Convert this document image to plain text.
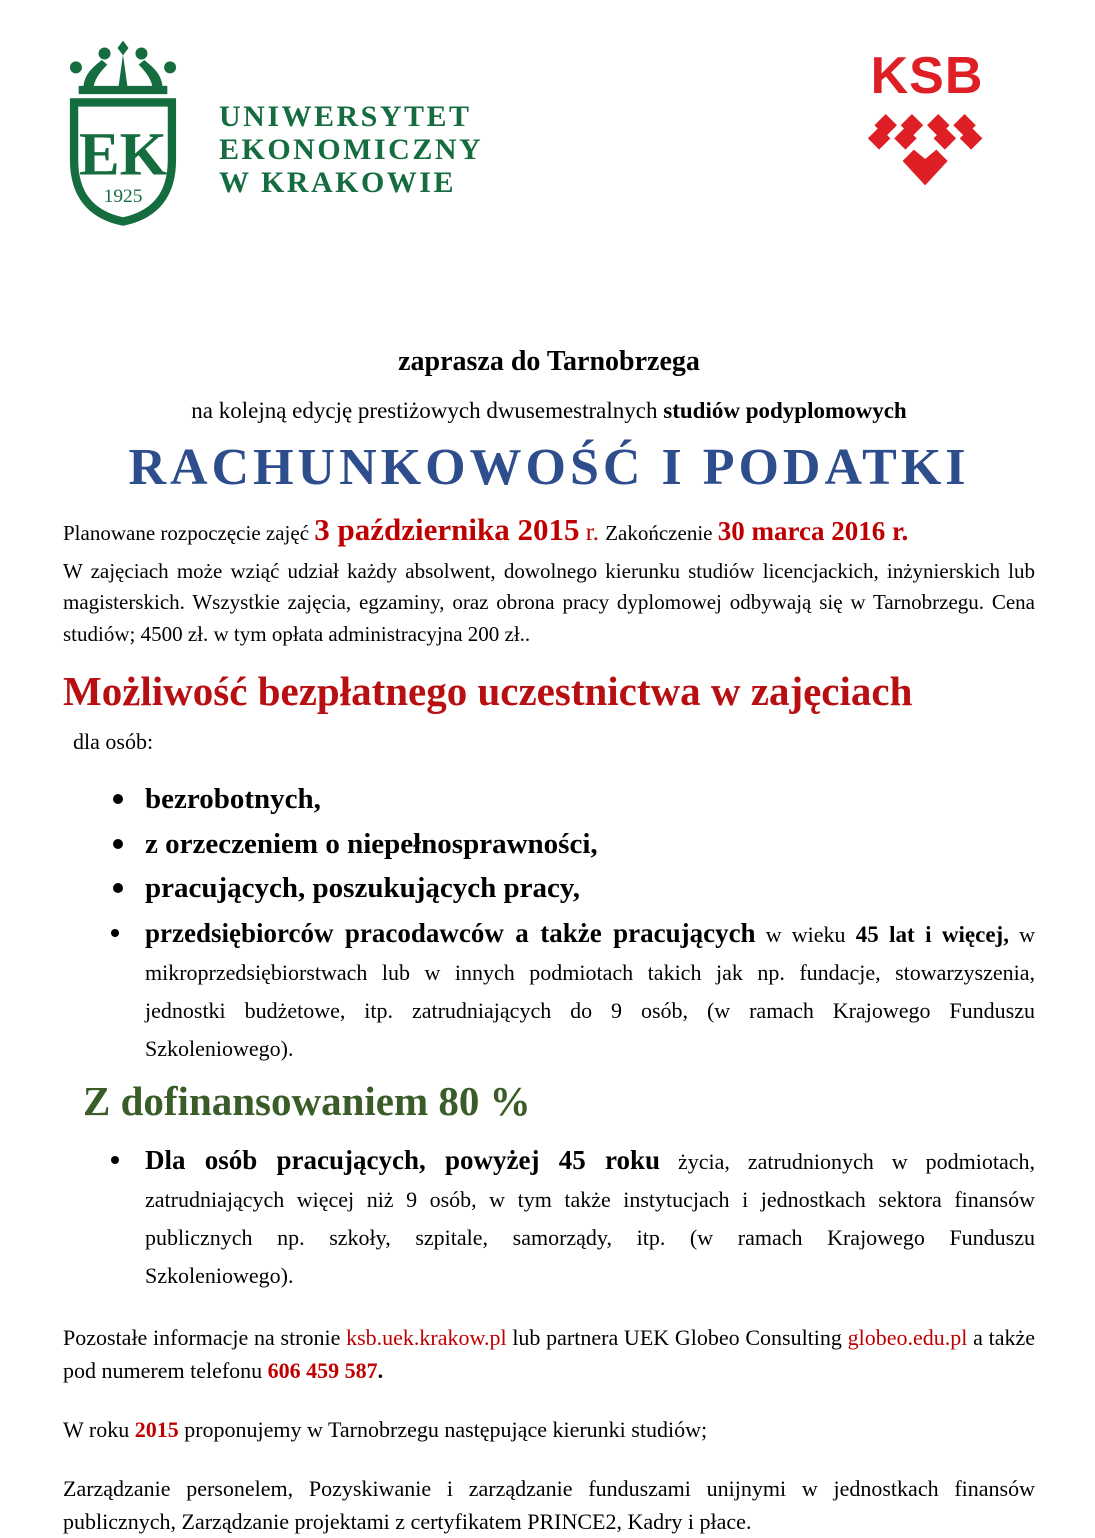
EK
1925
UNIWERSYTET
EKONOMICZNY
W KRAKOWIE
KSB
zaprasza do Tarnobrzega
na kolejną edycję prestiżowych dwusemestralnych studiów podyplomowych
RACHUNKOWOŚĆ I PODATKI

Planowane rozpoczęcie zajęć 3 października 2015 r. Zakończenie 30 marca 2016 r.

W zajęciach może wziąć udział każdy absolwent, dowolnego kierunku studiów licencjackich, inżynierskich lub magisterskich. Wszystkie zajęcia, egzaminy, oraz obrona pracy dyplomowej odbywają się w Tarnobrzegu. Cena studiów; 4500 zł. w tym opłata administracyjna 200 zł..

Możliwość bezpłatnego uczestnictwa w zajęciach

dla osób:

bezrobotnych,
z orzeczeniem o niepełnosprawności,
pracujących, poszukujących pracy,

przedsiębiorców pracodawców a także pracujących w wieku 45 lat i więcej, w mikroprzedsiębiorstwach lub w innych podmiotach takich jak np. fundacje, stowarzyszenia, jednostki budżetowe, itp. zatrudniających do 9 osób, (w ramach Krajowego Funduszu Szkoleniowego).

Z dofinansowaniem 80 %

Dla osób pracujących, powyżej 45 roku życia, zatrudnionych w podmiotach, zatrudniających więcej niż 9 osób, w tym także instytucjach i jednostkach sektora finansów publicznych np. szkoły, szpitale, samorządy, itp. (w ramach Krajowego Funduszu Szkoleniowego).

Pozostałe informacje na stronie ksb.uek.krakow.pl lub partnera UEK Globeo Consulting globeo.edu.pl a także pod numerem telefonu 606 459 587.

W roku 2015 proponujemy w Tarnobrzegu następujące kierunki studiów;

Zarządzanie personelem, Pozyskiwanie i zarządzanie funduszami unijnymi w jednostkach finansów publicznych, Zarządzanie projektami z certyfikatem PRINCE2, Kadry i płace.
